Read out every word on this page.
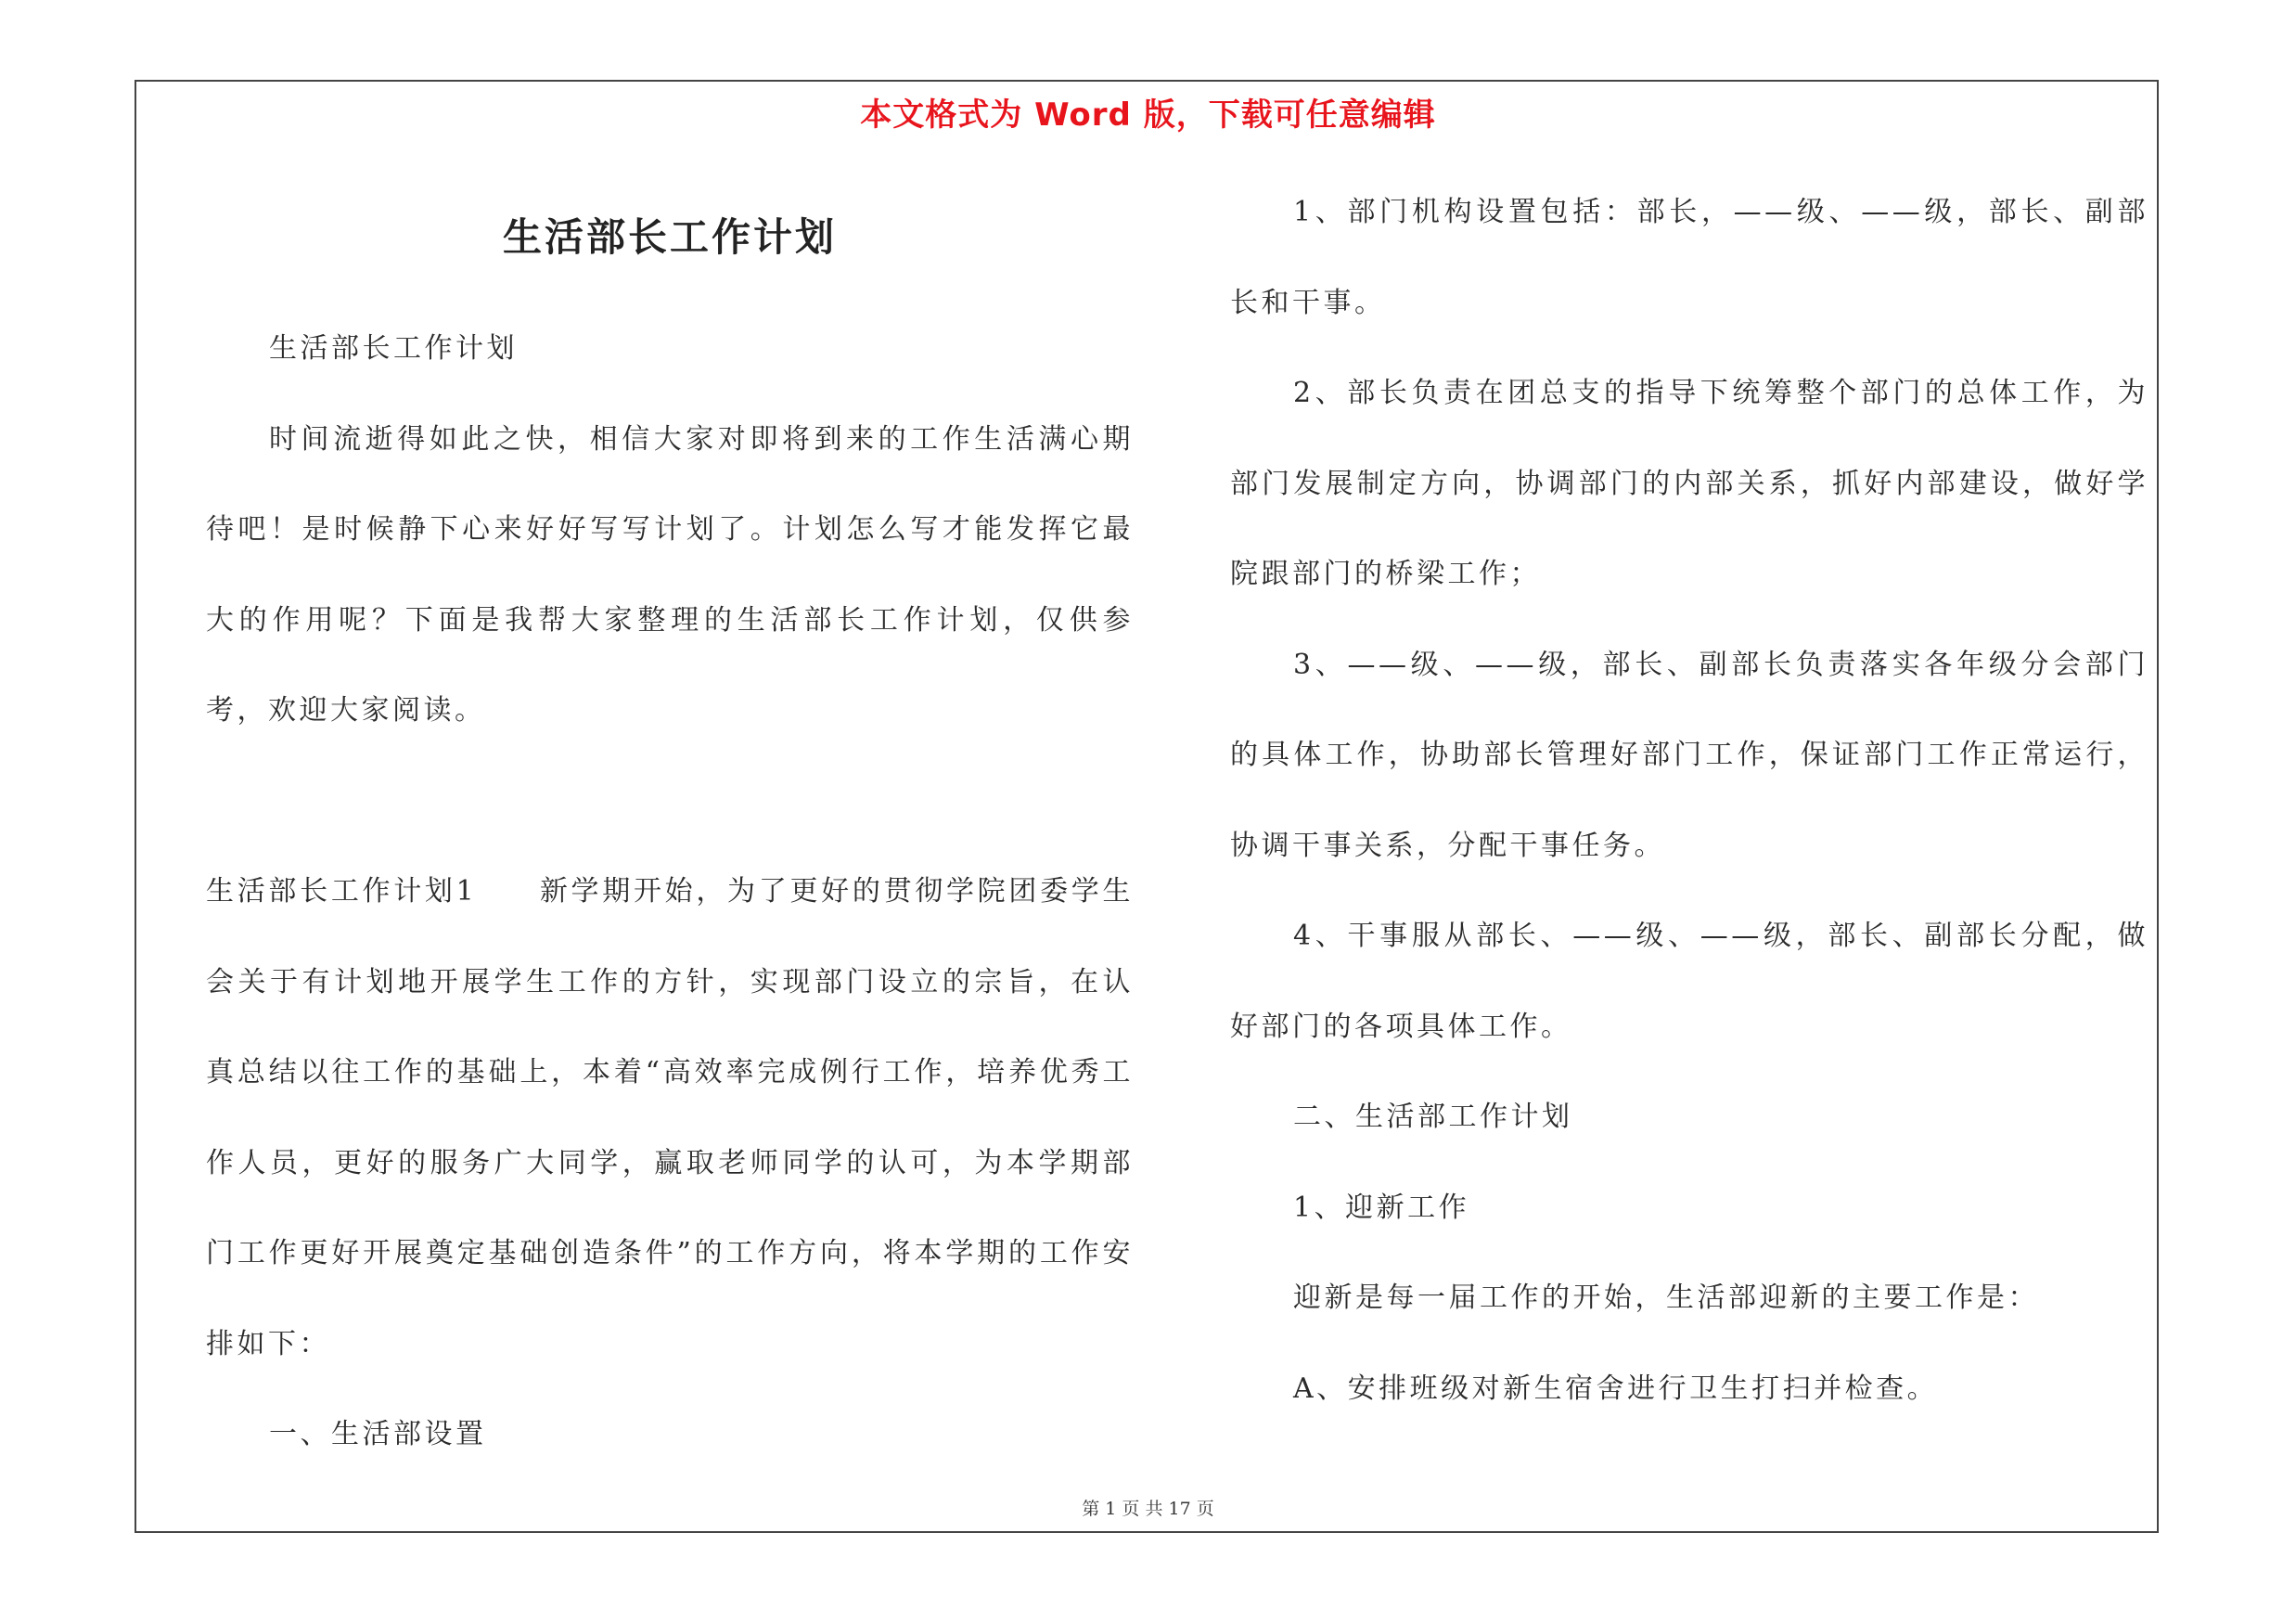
本文格式为 Word 版，下载可任意编辑
生活部长工作计划

生活部长工作计划

时间流逝得如此之快，相信大家对即将到来的工作生活满心期待吧！是时候静下心来好好写写计划了。计划怎么写才能发挥它最大的作用呢？下面是我帮大家整理的生活部长工作计划，仅供参考，欢迎大家阅读。

生活部长工作计划1　　新学期开始，为了更好的贯彻学院团委学生会关于有计划地开展学生工作的方针，实现部门设立的宗旨，在认真总结以往工作的基础上，本着“高效率完成例行工作，培养优秀工作人员，更好的服务广大同学，赢取老师同学的认可，为本学期部门工作更好开展奠定基础创造条件”的工作方向，将本学期的工作安排如下：

一、生活部设置

1、部门机构设置包括：部长，——级、——级，部长、副部长和干事。

2、部长负责在团总支的指导下统筹整个部门的总体工作，为部门发展制定方向，协调部门的内部关系，抓好内部建设，做好学院跟部门的桥梁工作；

3、——级、——级，部长、副部长负责落实各年级分会部门的具体工作，协助部长管理好部门工作，保证部门工作正常运行，协调干事关系，分配干事任务。

4、干事服从部长、——级、——级，部长、副部长分配，做好部门的各项具体工作。

二、生活部工作计划

1、迎新工作

迎新是每一届工作的开始，生活部迎新的主要工作是：

A、安排班级对新生宿舍进行卫生打扫并检查。

第 1 页 共 17 页
